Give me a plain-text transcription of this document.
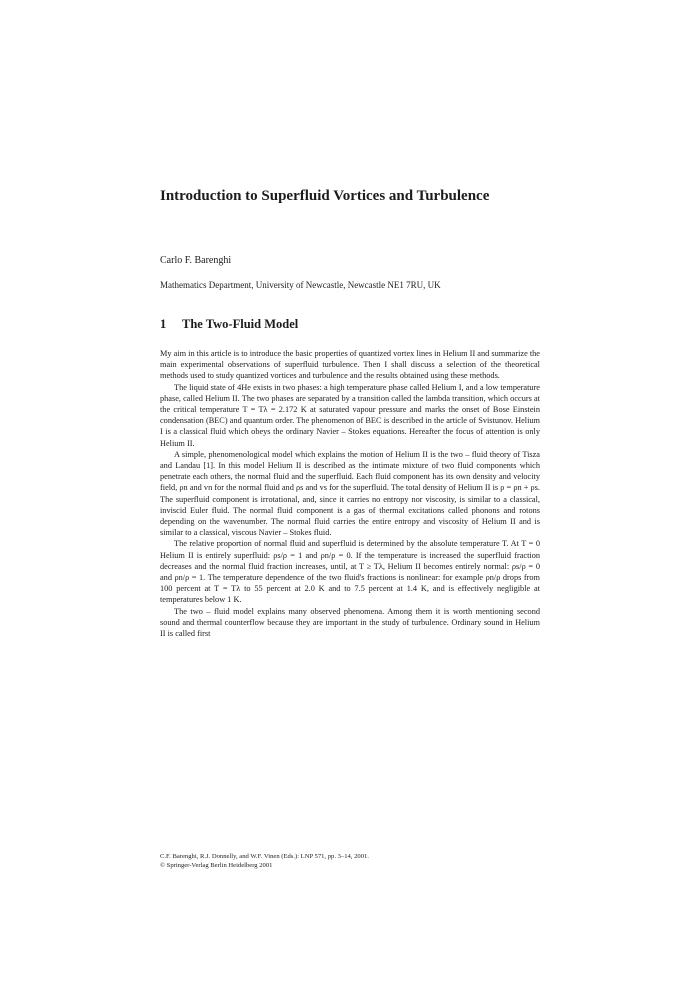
Introduction to Superfluid Vortices and Turbulence

Carlo F. Barenghi

Mathematics Department, University of Newcastle, Newcastle NE1 7RU, UK

1 The Two-Fluid Model

My aim in this article is to introduce the basic properties of quantized vortex lines in Helium II and summarize the main experimental observations of superfluid turbulence. Then I shall discuss a selection of the theoretical methods used to study quantized vortices and turbulence and the results obtained using these methods.

The liquid state of 4He exists in two phases: a high temperature phase called Helium I, and a low temperature phase, called Helium II. The two phases are separated by a transition called the lambda transition, which occurs at the critical temperature T = Tλ = 2.172 K at saturated vapour pressure and marks the onset of Bose Einstein condensation (BEC) and quantum order. The phenomenon of BEC is described in the article of Svistunov. Helium I is a classical fluid which obeys the ordinary Navier – Stokes equations. Hereafter the focus of attention is only Helium II.

A simple, phenomenological model which explains the motion of Helium II is the two – fluid theory of Tisza and Landau [1]. In this model Helium II is described as the intimate mixture of two fluid components which penetrate each others, the normal fluid and the superfluid. Each fluid component has its own density and velocity field, ρn and vn for the normal fluid and ρs and vs for the superfluid. The total density of Helium II is ρ = ρn + ρs. The superfluid component is irrotational, and, since it carries no entropy nor viscosity, is similar to a classical, inviscid Euler fluid. The normal fluid component is a gas of thermal excitations called phonons and rotons depending on the wavenumber. The normal fluid carries the entire entropy and viscosity of Helium II and is similar to a classical, viscous Navier – Stokes fluid.

The relative proportion of normal fluid and superfluid is determined by the absolute temperature T. At T = 0 Helium II is entirely superfluid: ρs/ρ = 1 and ρn/ρ = 0. If the temperature is increased the superfluid fraction decreases and the normal fluid fraction increases, until, at T ≥ Tλ, Helium II becomes entirely normal: ρs/ρ = 0 and ρn/ρ = 1. The temperature dependence of the two fluid's fractions is nonlinear: for example ρn/ρ drops from 100 percent at T = Tλ to 55 percent at 2.0 K and to 7.5 percent at 1.4 K, and is effectively negligible at temperatures below 1 K.

The two – fluid model explains many observed phenomena. Among them it is worth mentioning second sound and thermal counterflow because they are important in the study of turbulence. Ordinary sound in Helium II is called first

C.F. Barenghi, R.J. Donnelly, and W.F. Vinen (Eds.): LNP 571, pp. 3–14, 2001.
© Springer-Verlag Berlin Heidelberg 2001
